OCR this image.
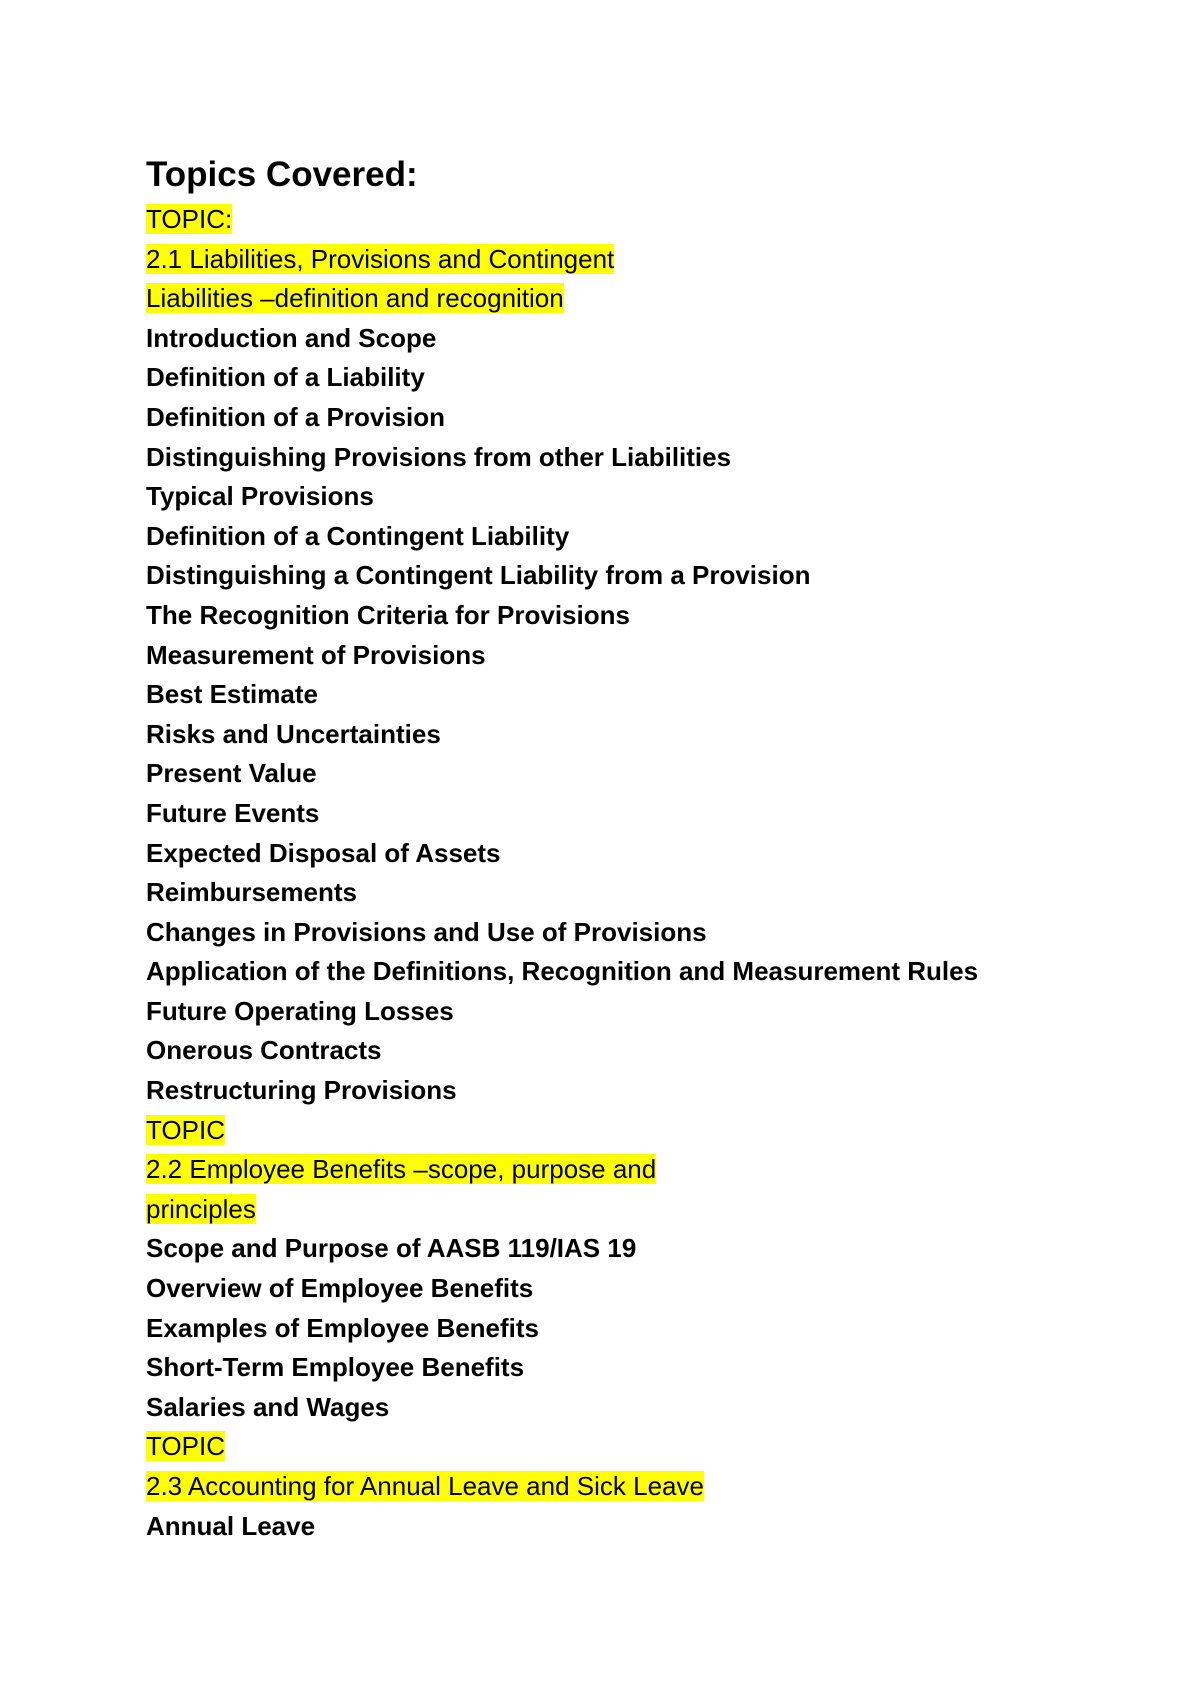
Topics Covered:
TOPIC:
2.1 Liabilities, Provisions and Contingent
Liabilities –definition and recognition
Introduction and Scope
Definition of a Liability
Definition of a Provision
Distinguishing Provisions from other Liabilities
Typical Provisions
Definition of a Contingent Liability
Distinguishing a Contingent Liability from a Provision
The Recognition Criteria for Provisions
Measurement of Provisions
Best Estimate
Risks and Uncertainties
Present Value
Future Events
Expected Disposal of Assets
Reimbursements
Changes in Provisions and Use of Provisions
Application of the Definitions, Recognition and Measurement Rules
Future Operating Losses
Onerous Contracts
Restructuring Provisions
TOPIC
2.2 Employee Benefits –scope, purpose and
principles
Scope and Purpose of AASB 119/IAS 19
Overview of Employee Benefits
Examples of Employee Benefits
Short-Term Employee Benefits
Salaries and Wages
TOPIC
2.3 Accounting for Annual Leave and Sick Leave
Annual Leave
